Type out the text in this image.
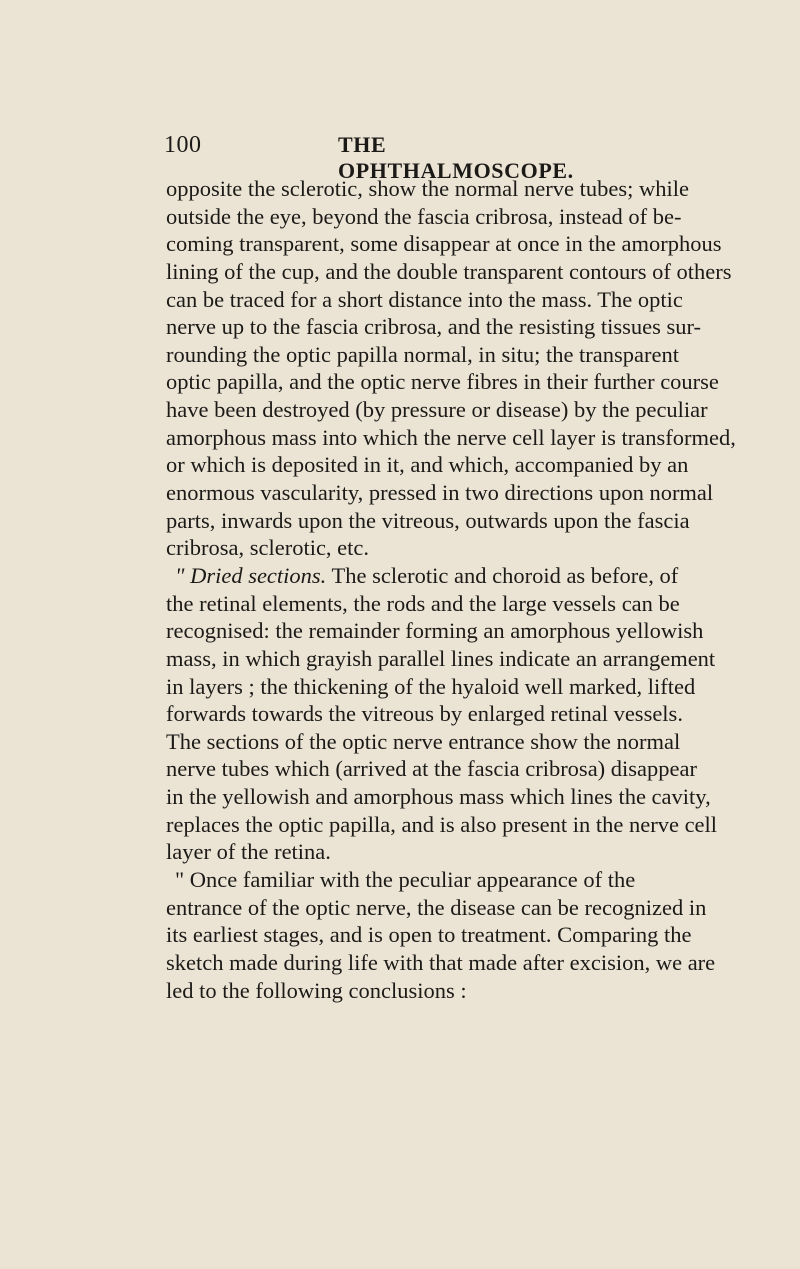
100	THE OPHTHALMOSCOPE.
opposite the sclerotic, show the normal nerve tubes; while
outside the eye, beyond the fascia cribrosa, instead of be-
coming transparent, some disappear at once in the amorphous
lining of the cup, and the double transparent contours of others
can be traced for a short distance into the mass. The optic
nerve up to the fascia cribrosa, and the resisting tissues sur-
rounding the optic papilla normal, in situ; the transparent
optic papilla, and the optic nerve fibres in their further course
have been destroyed (by pressure or disease) by the peculiar
amorphous mass into which the nerve cell layer is transformed,
or which is deposited in it, and which, accompanied by an
enormous vascularity, pressed in two directions upon normal
parts, inwards upon the vitreous, outwards upon the fascia
cribrosa, sclerotic, etc.
" Dried sections. The sclerotic and choroid as before, of
the retinal elements, the rods and the large vessels can be
recognised: the remainder forming an amorphous yellowish
mass, in which grayish parallel lines indicate an arrangement
in layers ; the thickening of the hyaloid well marked, lifted
forwards towards the vitreous by enlarged retinal vessels.
The sections of the optic nerve entrance show the normal
nerve tubes which (arrived at the fascia cribrosa) disappear
in the yellowish and amorphous mass which lines the cavity,
replaces the optic papilla, and is also present in the nerve cell
layer of the retina.
" Once familiar with the peculiar appearance of the
entrance of the optic nerve, the disease can be recognized in
its earliest stages, and is open to treatment. Comparing the
sketch made during life with that made after excision, we are
led to the following conclusions :
